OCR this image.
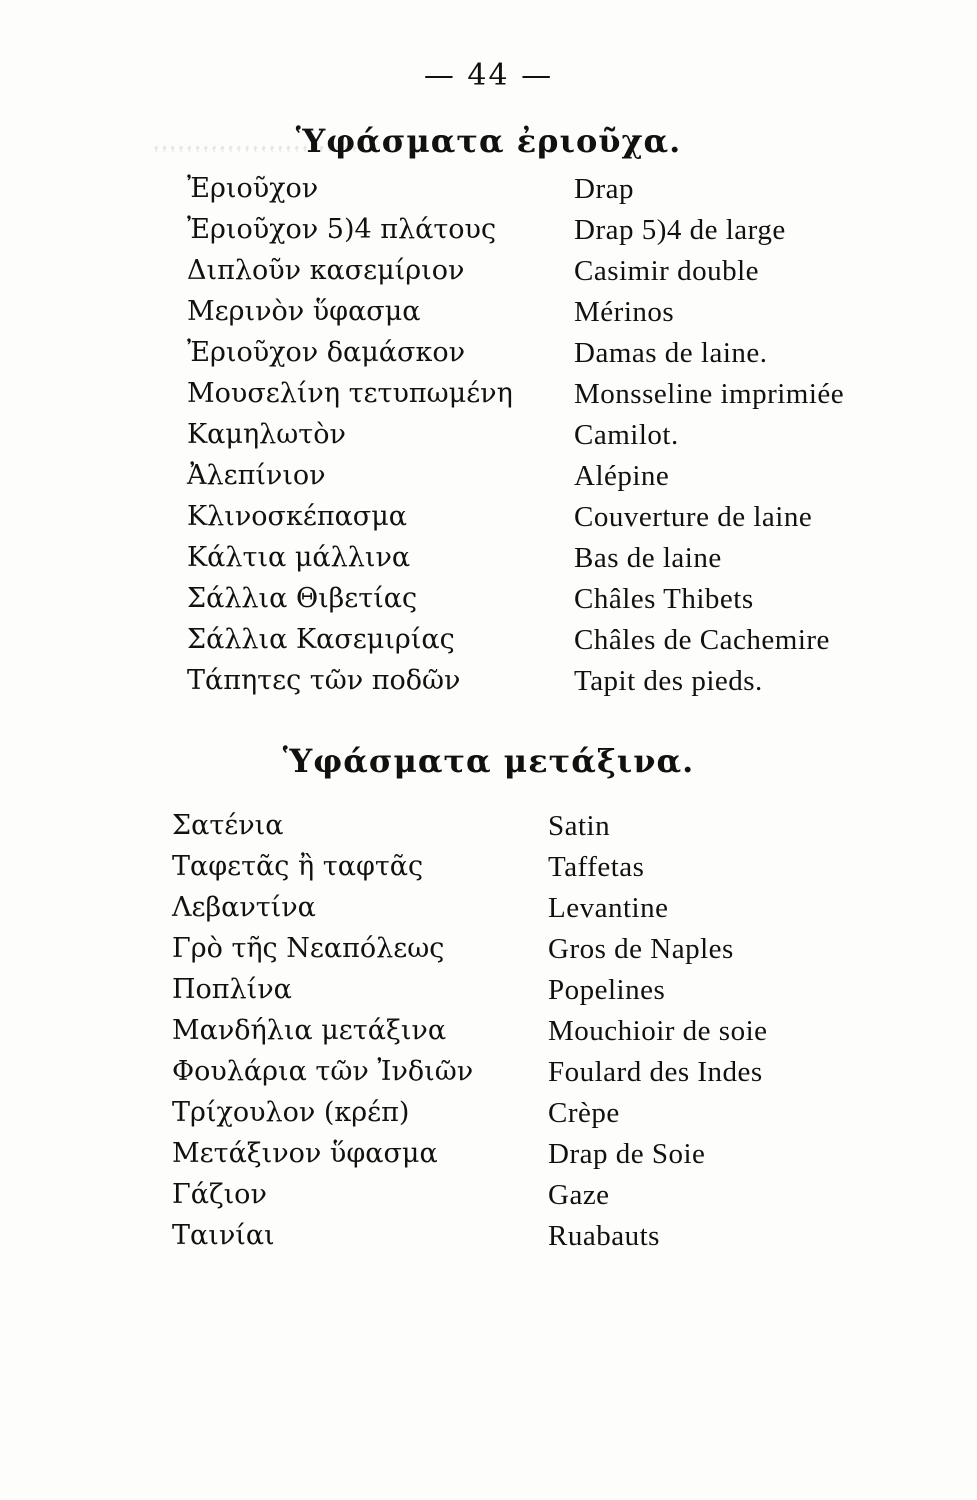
̓ ̓ ̓ ̓ ̓ ̓ ̓ ̓ ̓ ̓ ̓ ̓ ̓ ̓ ̓ ̓ ̓ ̓ ̓ ̓ ̓ ̓ ̓ ̓ ̓
— 44 —
Ὑφάσματα ἐριοῦχα.
Ἐριοῦχον	Drap
Ἐριοῦχον 5)4 πλάτους	Drap 5)4 de large
Διπλοῦν κασεμίριον	Casimir double
Μερινὸν ὕφασμα	Mérinos
Ἐριοῦχον δαμάσκον	Damas de laine.
Μουσελίνη τετυπωμένη Monsseline imprimiée
Καμηλωτὸν	Camilot.
Ἀλεπίνιον	Alépine
Κλινοσκέπασμα	Couverture de laine
Κάλτια μάλλινα	Bas de laine
Σάλλια Θιβετίας	Châles Thibets
Σάλλια Κασεμιρίας	Châles de Cachemire
Τάπητες τῶν ποδῶν	Tapit des pieds.
Ὑφάσματα μετάξινα.
Σατένια	Satin
Ταφετᾶς ἢ ταφτᾶς	Taffetas
Λεβαντίνα	Levantine
Γρὸ τῆς Νεαπόλεως	Gros de Naples
Ποπλίνα	Popelines
Μανδήλια μετάξινα	Mouchioir de soie
Φουλάρια τῶν Ἰνδιῶν	Foulard des Indes
Τρίχουλον (κρέπ)	Crèpe
Μετάξινον ὕφασμα	Drap de Soie
Γάζιον	Gaze
Ταινίαι	Ruabauts
